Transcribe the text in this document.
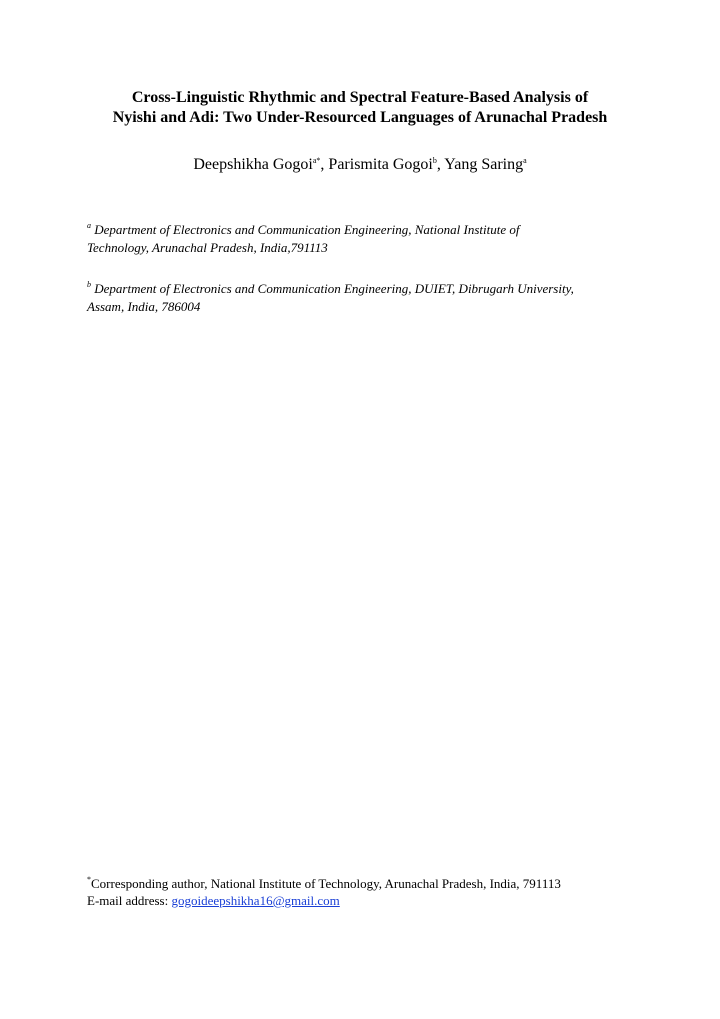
Cross-Linguistic Rhythmic and Spectral Feature-Based Analysis of
Nyishi and Adi: Two Under-Resourced Languages of Arunachal Pradesh
Deepshikha Gogoi$^{a*}$, Parismita Gogoi$^b$, Yang Saring$^a$
$^a$ Department of Electronics and Communication Engineering, National Institute of
Technology, Arunachal Pradesh, India,791113
$^b$ Department of Electronics and Communication Engineering, DUIET, Dibrugarh University,
Assam, India, 786004
*Corresponding author, National Institute of Technology, Arunachal Pradesh, India, 791113
E-mail address: gogoideepshikha16@gmail.com
